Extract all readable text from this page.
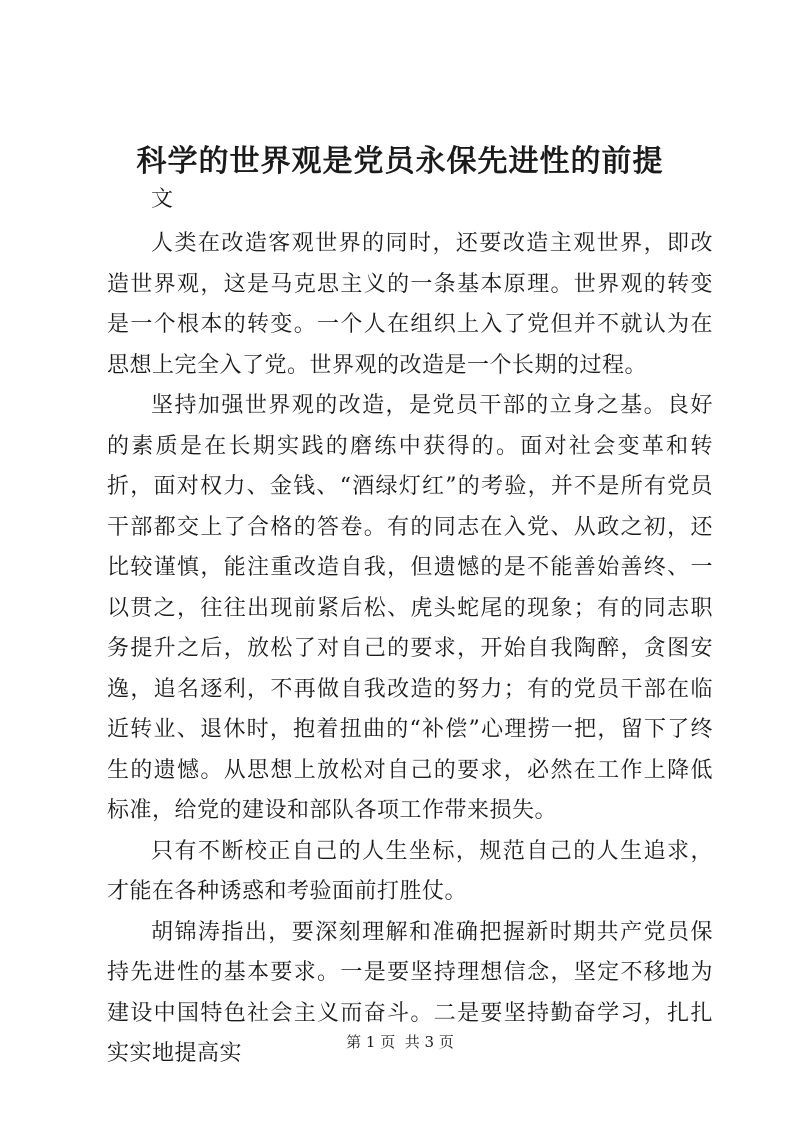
科学的世界观是党员永保先进性的前提

文

人类在改造客观世界的同时，还要改造主观世界，即改造世界观，这是马克思主义的一条基本原理。世界观的转变是一个根本的转变。一个人在组织上入了党但并不就认为在思想上完全入了党。世界观的改造是一个长期的过程。

坚持加强世界观的改造，是党员干部的立身之基。良好的素质是在长期实践的磨练中获得的。面对社会变革和转折，面对权力、金钱、“酒绿灯红”的考验，并不是所有党员干部都交上了合格的答卷。有的同志在入党、从政之初，还比较谨慎，能注重改造自我，但遗憾的是不能善始善终、一以贯之，往往出现前紧后松、虎头蛇尾的现象；有的同志职务提升之后，放松了对自己的要求，开始自我陶醉，贪图安逸，追名逐利，不再做自我改造的努力；有的党员干部在临近转业、退休时，抱着扭曲的“补偿”心理捞一把，留下了终生的遗憾。从思想上放松对自己的要求，必然在工作上降低标准，给党的建设和部队各项工作带来损失。

只有不断校正自己的人生坐标，规范自己的人生追求，才能在各种诱惑和考验面前打胜仗。

胡锦涛指出，要深刻理解和准确把握新时期共产党员保持先进性的基本要求。一是要坚持理想信念，坚定不移地为建设中国特色社会主义而奋斗。二是要坚持勤奋学习，扎扎实实地提高实	第 1 页  共 3 页
